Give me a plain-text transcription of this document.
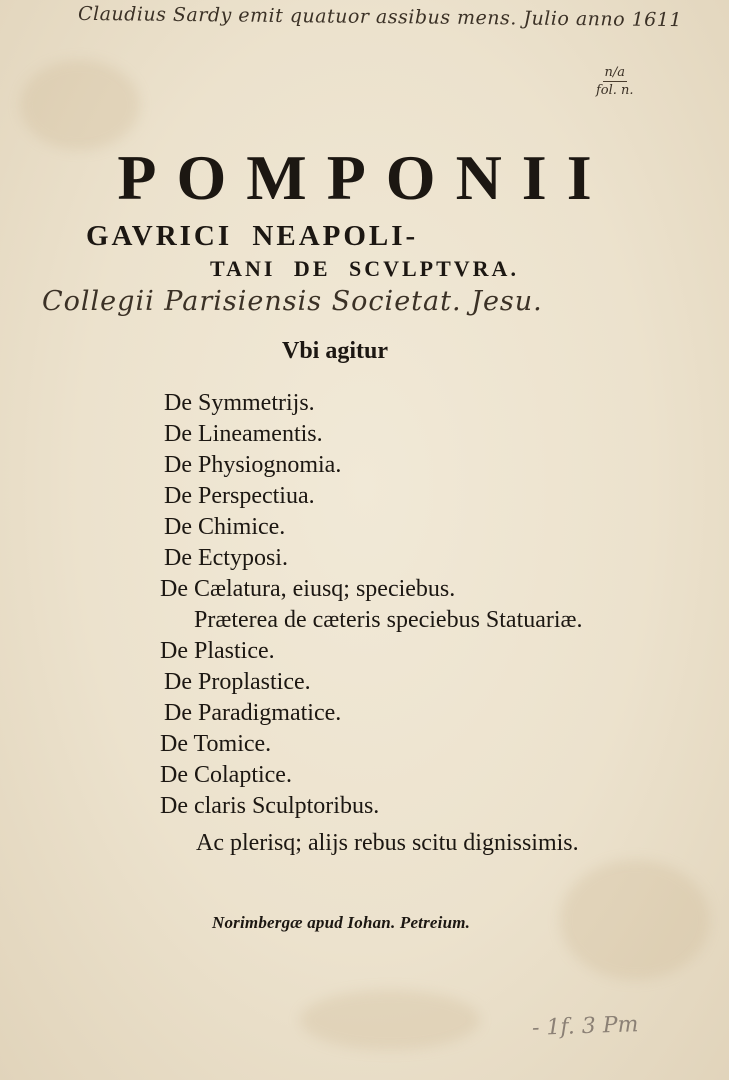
Claudius Sardy emit quatuor assibus mens. Julio anno 1611
n/a
fol. n.
POMPONII
GAVRICI NEAPOLI-
TANI DE SCVLPTVRA.
Collegii Parisiensis Societat. Jesu.
Vbi agitur
De Symmetrijs.
De Lineamentis.
De Physiognomia.
De Perspectiua.
De Chimice.
De Ectyposi.
De Cælatura, eiusq; speciebus.
Præterea de cæteris speciebus Statuariæ.
De Plastice.
De Proplastice.
De Paradigmatice.
De Tomice.
De Colaptice.
De claris Sculptoribus.
Ac plerisq; alijs rebus scitu dignissimis.
Norimbergæ apud Iohan. Petreium.
- 1f. 3 Pm
